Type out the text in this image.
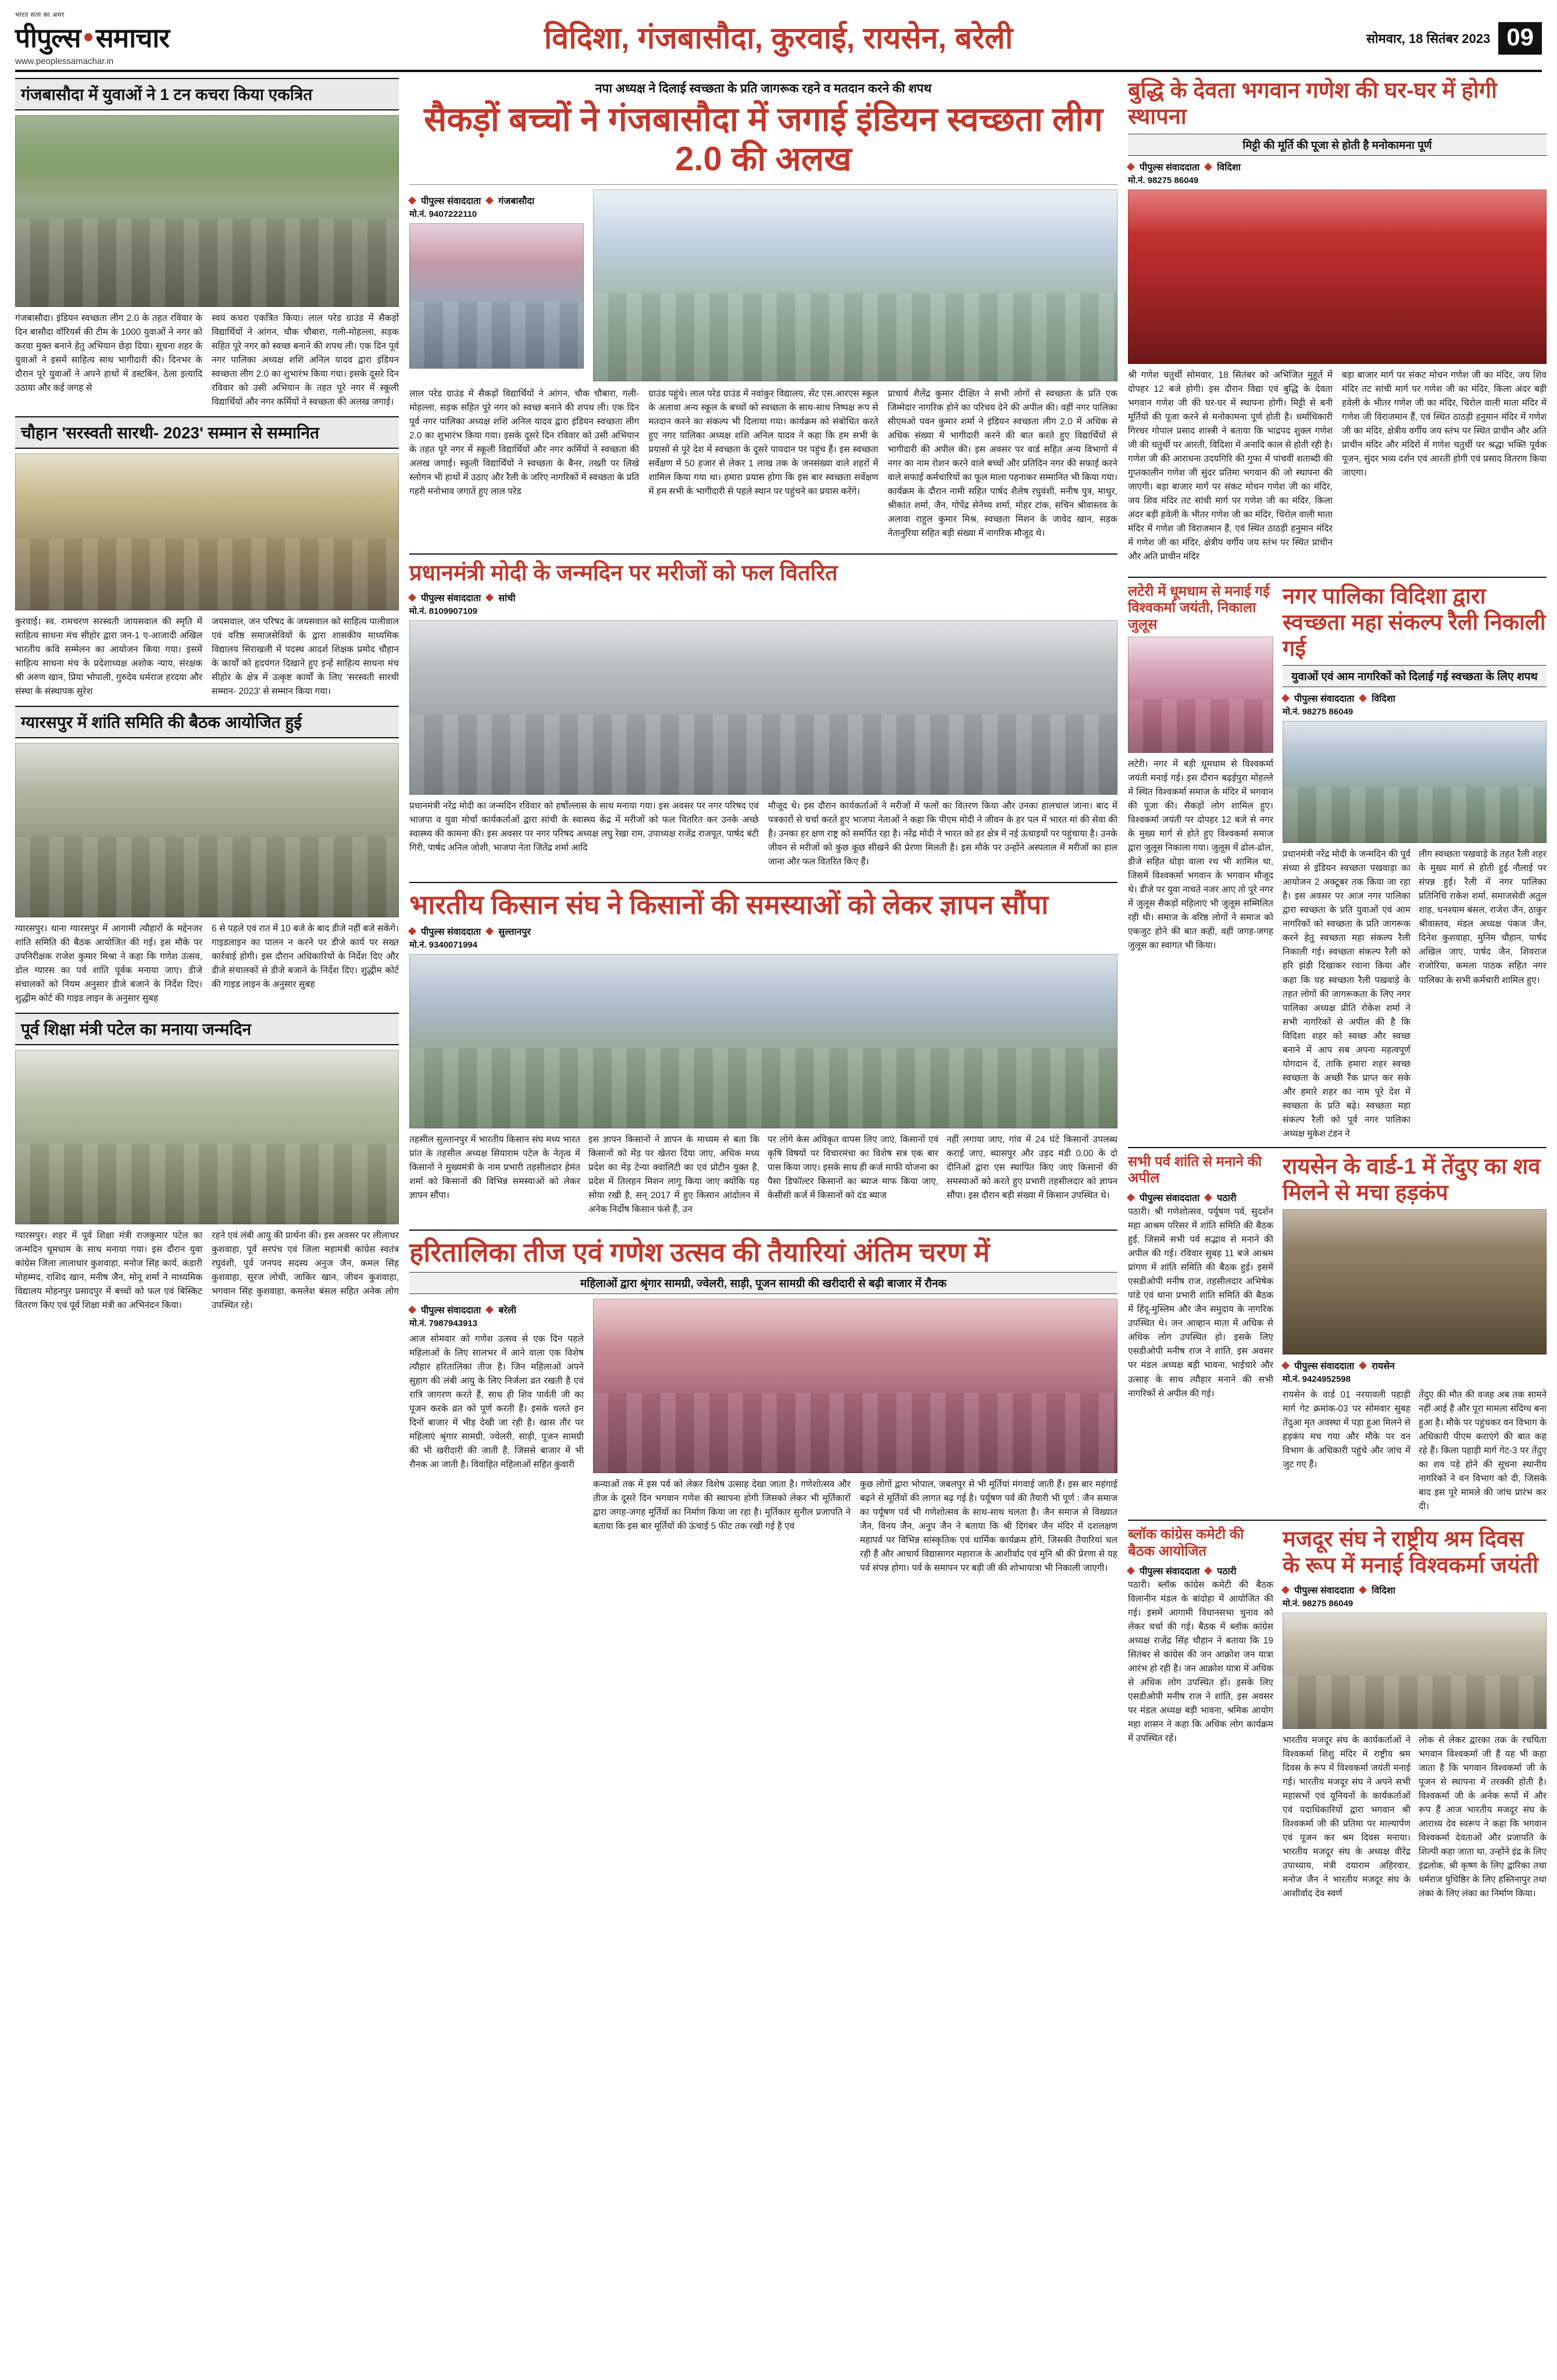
भारत सत्य का अमर
पीपुल्स समाचार
www.peoplessamachar.in
विदिशा, गंजबासौदा, कुरवाई, रायसेन, बरेली	सोमवार, 18 सितंबर 2023 09
गंजबासौदा में युवाओं ने 1 टन कचरा किया एकत्रित
गंजबासौदा। इंडियन स्वच्छता लीग 2.0 के तहत रविवार के दिन बासौदा वॉरियर्स की टीम के 1000 युवाओं ने नगर को करवा मुक्त बनाने हेतु अभियान छेड़ा दिया। सूचना शहर के युवाओं ने इसमें साहित्य साथ भागीदारी की। दिनभर के दौरान पूरे युवाओं ने अपने हाथों में डस्टबिन, ठेला इत्यादि उठाया और कई जगह से
स्वयं कचरा एकत्रित किया। लाल परेड ग्राउंड में सैकड़ों विद्यार्थियों ने आंगन, चौक चौबारा, गली-मोहल्ला, सड़क सहित पूरे नगर को स्वच्छ बनाने की शपथ ली। एक दिन पूर्व नगर पालिका अध्यक्ष शशि अनिल यादव द्वारा इंडियन स्वच्छता लीग 2.0 का शुभारंभ किया गया। इसके दूसरे दिन रविवार को उसी अभियान के तहत पूरे नगर में स्कूली विद्यार्थियों और नगर कर्मियों ने स्वच्छता की अलख जगाई।
चौहान 'सरस्वती सारथी- 2023' सम्मान से सम्मानित
कुरवाई। स्व. रामचरण सरस्वती जायसवाल की स्मृति में साहित्य साधना मंच सीहोर द्वारा जन-1 ए-आजादी अखिल भारतीय कवि सम्मेलन का आयोजन किया गया। इसमें साहित्य साधना मंच के प्रदेशाध्यक्ष अशोक न्याय, संरक्षक श्री अरुण खान, प्रिया भोपाली, गुरुदेव धर्मराज हरदया और संस्था के संस्थापक सुरेश
जयसवाल, जन परिषद के जयसवाल को साहित्य पालीवाल एवं वरिष्ठ समाजसेवियों के द्वारा शासकीय माध्यमिक विद्यालय सिराखली में पदस्थ आदर्श शिक्षक प्रमोद चौहान के कार्यों को हृदयंगत दिखाने हुए इन्हें साहित्य साधना मंच सीहोर के क्षेत्र में उत्कृष्ट कार्यों के लिए 'सरस्वती सारथी सम्मान- 2023' से सम्मान किया गया।
ग्यारसपुर में शांति समिति की बैठक आयोजित हुई
ग्यारसपुर। थाना ग्यारसपुर में आगामी त्यौहारों के मद्देनजर शांति समिति की बैठक आयोजित की गई। इस मौके पर उपनिरीक्षक राजेश कुमार मिश्रा ने कहा कि गणेश उत्सव, डोल ग्यारस का पर्व शांति पूर्वक मनाया जाए। डीजे संचालकों को नियम अनुसार डीजे बजाने के निर्देश दिए। शुद्धीम कोर्ट की गाइड लाइन के अनुसार सुबह
6 से पहले एवं रात में 10 बजे के बाद डीजे नहीं बजे सकेंगे। गाइडलाइन का पालन न करने पर डीजे कार्य पर सख्त कार्रवाई होगी। इस दौरान अधिकारियों के निर्देश दिए और डीजे संचालकों से डीजे बजाने के निर्देश दिए। शुद्धीम कोर्ट की गाइड लाइन के अनुसार सुबह
पूर्व शिक्षा मंत्री पटेल का मनाया जन्मदिन
ग्यारसपुर। शहर में पूर्व शिक्षा मंत्री राजकुमार पटेल का जन्मदिन धूमधाम के साथ मनाया गया। इस दौरान युवा कांग्रेस जिला लालाधार कुशवाहा, मनोज सिंह कार्य, कंडारी मोहम्मद, राशिद खान, मनीष जैन, मोनू शर्मा ने माध्यमिक विद्यालय मोहनपुर प्रसादपुर में बच्चों को फल एवं बिस्किट वितरण किए एवं पूर्व शिक्षा मंत्री का अभिनंदन किया।
रहने एवं लंबी आयु की प्रार्थना की। इस अवसर पर लीलाधर कुशवाहा, पूर्व सरपंच एवं जिला महामंत्री कांग्रेस स्वतंत्र रघुवंशी, पूर्व जनपद सदस्य अनुज जैन, कमल सिंह कुशवाहा, सूरज लोधी, जाकिर खान, जीवन कुशवाहा, भगवान सिंह कुशवाहा, कमलेश बंसल सहित अनेक लोग उपस्थित रहे।
नपा अध्यक्ष ने दिलाई स्वच्छता के प्रति जागरूक रहने व मतदान करने की शपथ
सैकड़ों बच्चों ने गंजबासौदा में जगाई इंडियन स्वच्छता लीग 2.0 की अलख
पीपुल्स संवाददाता गंजबासौदा
मो.नं. 9407222110
लाल परेड ग्राउंड में सैकड़ों विद्यार्थियों ने आंगन, चौक चौबारा, गली-मोहल्ला, सड़क सहित पूरे नगर को स्वच्छ बनाने की शपथ ली। एक दिन पूर्व नगर पालिका अध्यक्ष शशि अनिल यादव द्वारा इंडियन स्वच्छता लीग 2.0 का शुभारंभ किया गया। इसके दूसरे दिन रविवार को उसी अभियान के तहत पूरे नगर में स्कूली विद्यार्थियों और नगर कर्मियों ने स्वच्छता की अलख जगाई। स्कूली विद्यार्थियों ने स्वच्छता के बैनर, तख्ती पर लिखे स्लोगन भी हाथों में उठाए और रैली के जरिए नागरिकों में स्वच्छता के प्रति गहरी मनोभाव जगाते हुए लाल परेड
ग्राउंड पहुंचे। लाल परेड ग्राउंड में नवांकुर विद्यालय, सेंट एस.आरएस स्कूल के अलावा अन्य स्कूल के बच्चों को स्वच्छता के साथ-साथ निष्पक्ष रूप से मतदान करने का संकल्प भी दिलाया गया। कार्यक्रम को संबोधित करते हुए नगर पालिका अध्यक्ष शशि अनिल यादव ने कहा कि हम सभी के प्रयासों से पूरे देश में स्वच्छता के दूसरे पायदान पर पहुंच हैं। इस स्वच्छता सर्वेक्षण में 50 हजार से लेकर 1 लाख तक के जनसंख्या वाले शहरों में शामिल किया गया था। हमारा प्रयास होगा कि इस बार स्वच्छता सर्वेक्षण में हम सभी के भागीदारी से पहले स्थान पर पहुंचने का प्रयास करेंगे।
प्राचार्य शैलेंद्र कुमार दीक्षित ने सभी लोगों से स्वच्छता के प्रति एक जिम्मेदार नागरिक होने का परिचय देने की अपील की। वहीं नगर पालिका सीएमओ पवन कुमार शर्मा ने इंडियन स्वच्छता लीग 2.0 में अधिक से अधिक संख्या में भागीदारी करने की बात करते हुए विद्यार्थियों से भागीदारी की अपील की। इस अवसर पर वार्ड सहित अन्य विभागों में नगर का नाम रोशन करने वाले बच्चों और प्रतिदिन नगर की सफाई करने वाले सफाई कर्मचारियों का फूल माला पहनाकर सम्मानित भी किया गया। कार्यक्रम के दौरान नामी सहित पार्षद शैलेष रघुवंशी, मनीष पुत्र, माथुर, श्रीकांत शर्मा, जैन, गोपेंद्र सेनेथ्य शर्मा, मोहर टांक, सचिन श्रीवास्तव के अलावा राहुल कुमार मिश्र, स्वच्छता मिशन के जावेद खान, सड़क नेतानुरिया सहित बड़ी संख्या में नागरिक मौजूद थे।
प्रधानमंत्री मोदी के जन्मदिन पर मरीजों को फल वितरित
पीपुल्स संवाददाता सांची
मो.नं. 8109907109
प्रधानमंत्री नरेंद्र मोदी का जन्मदिन रविवार को हर्षोल्लास के साथ मनाया गया। इस अवसर पर नगर परिषद एवं भाजपा व युवा मोर्चा कार्यकर्ताओं द्वारा सांची के स्वास्थ्य केंद्र में मरीजों को फल वितरित कर उनके अच्छे स्वास्थ्य की कामना की। इस अवसर पर नगर परिषद अध्यक्ष लघु रेखा राम, उपाध्यक्ष राजेंद्र राजपूत, पार्षद बंटी गिरी, पार्षद अनिल जोशी, भाजपा नेता जितेंद्र शर्मा आदि
मौजूद थे। इस दौरान कार्यकर्ताओं ने मरीजों में फलों का वितरण किया और उनका हालचाल जाना। बाद में पत्रकारों से चर्चा करते हुए भाजपा नेताओं ने कहा कि पीएम मोदी ने जीवन के हर पल में भारत मां की सेवा की है। उनका हर क्षण राष्ट्र को समर्पित रहा है। नरेंद्र मोदी ने भारत को हर क्षेत्र में नई ऊंचाइयों पर पहुंचाया है। उनके जीवन से मरीजों को कुछ कूछ सीखने की प्रेरणा मिलती है। इस मौके पर उन्होंने अस्पताल में मरीजों का हाल जाना और फल वितरित किए हैं।
भारतीय किसान संघ ने किसानों की समस्याओं को लेकर ज्ञापन सौंपा
पीपुल्स संवाददाता सुल्तानपुर
मो.नं. 9340071994
तहसील सुल्तानपुर में भारतीय किसान संघ मध्य भारत प्रांत के तहसील अध्यक्ष सियाराम पटेल के नेतृत्व में किसानों ने मुख्यमंत्री के नाम प्रभारी तहसीलदार हेमंत शर्मा को किसानों की विभिन्न समस्याओं को लेकर ज्ञापन सौंपा।
इस ज्ञापन किसानों ने ज्ञापन के माध्यम से बता कि किसानों को मेंड़ पर खेतरा दिया जाए, अधिक मध्य प्रदेश का मेंड़ टेन्या क्वालिटी का एवं प्रोटीन युक्त है, प्रदेश में तिलहन मिशन लागू किया जाए क्योंकि यह सोया रखी है, सन् 2017 में हुए किसान आंदोलन में अनेक निर्दोष किसान फंसे हैं, उन
पर लोगे केस अविकृत वापस लिए जाएं, किसानों एवं कृषि विषयों पर विचारमंचा का विशेष सत्र एक बार पास किया जाए। इसके साथ ही कर्ज माफी योजना का पैसा डिफॉल्टर किसानों का ब्याज माफ किया जाए, केसीसी कर्ज में किसानों को दंड ब्याज
नहीं लगाया जाए, गांव में 24 घंटे किसानों उपलब्ध कराई जाए, ब्यासपुर और उड़द मंडी 0.00 के दो दीनिओं द्वारा एस स्थापित किए जाएं किसानों की समस्याओं को करते हुए प्रभारी तहसीलदार को ज्ञापन सौंपा। इस दौरान बड़ी संख्या में किसान उपस्थित थे।
हरितालिका तीज एवं गणेश उत्सव की तैयारियां अंतिम चरण में
महिलाओं द्वारा श्रृंगार सामग्री, ज्वेलरी, साड़ी, पूजन सामग्री की खरीदारी से बढ़ी बाजार में रौनक
पीपुल्स संवाददाता बरेली
मो.नं. 7987943913
आज सोमवार को गणेश उत्सव से एक दिन पहले महिलाओं के लिए सालभर में आने वाला एक विशेष त्यौहार हरितालिका तीज है। जिन महिलाओं अपने सुहाग की लंबी आयु के लिए निर्जला व्रत रखती है एवं रात्रि जागरण करते हैं, साथ ही शिव पार्वती जी का पूजन करके व्रत को पूर्ण करती हैं। इसके चलते इन दिनों बाजार में भीड़ देखी जा रही है। खास तौर पर महिलाएं श्रृंगार सामग्री, ज्वेलरी, साड़ी, पूजन सामग्री की भी खरीदारी की जाती है, जिससे बाजार में भी रौनक आ जाती है। विवाहित महिलाओं सहित कुंवारी
कन्याओं तक में इस पर्व को लेकर विशेष उत्साह देखा जाता है। गणेशोत्सव और तीज के दूसरे दिन भगवान गणेश की स्थापना होगी जिसको लेकर भी मूर्तिकारों द्वारा जगह-जगह मूर्तियों का निर्माण किया जा रहा है। मूर्तिकार सुनील प्रजापति ने बताया कि इस बार मूर्तियों की ऊंचाई 5 फीट तक रखी गई है एवं
कुछ लोगों द्वारा भोपाल, जबलपुर से भी मूर्तियां मंगवाई जाती हैं। इस बार महंगाई बढ़ने से मूर्तियों की लागत बढ़ गई है। पर्यूषण पर्व की तैयारी भी पूर्ण : जैन समाज का पर्यूषण पर्व भी गणेशोत्सव के साथ-साथ चलता है। जैन समाज से विख्यात जैन, विनय जैन, अनूप जैन ने बताया कि श्री दिगंबर जैन मंदिर में दशलक्षण महापर्व पर विभिन्न सांस्कृतिक एवं धार्मिक कार्यक्रम होंगे, जिसकी तैयारियां चल रही हैं और आचार्य विद्यासागर महाराज के आशीर्वाद एवं मुनि श्री की प्रेरणा से यह पर्व संपन्न होगा। पर्व के समापन पर बड़ी जी की शोभायात्रा भी निकाली जाएगी।
बुद्धि के देवता भगवान गणेश की घर-घर में होगी स्थापना
मिट्टी की मूर्ति की पूजा से होती है मनोकामना पूर्ण
पीपुल्स संवाददाता विदिशा
मो.नं. 98275 86049
श्री गणेश चतुर्थी सोमवार, 18 सितंबर को अभिजित मुहूर्त में दोपहर 12 बजे होगी। इस दौरान विद्या एवं बुद्धि के देवता भगवान गणेश जी की घर-घर में स्थापना होगी। मिट्टी से बनी मूर्तियों की पूजा करने से मनोकामना पूर्ण होती है। धर्माधिकारी गिरधर गोपाल प्रसाद शास्त्री ने बताया कि भाद्रपद शुक्ल गणेश जी की चतुर्थी पर आरती, विदिशा में अनादि काल से होती रही है। गणेश जी की आराधना उदयगिरि की गुफा में पांचवीं शताब्दी की गुप्तकालीन गणेश जी सुंदर प्रतिमा भगवान की जो स्थापना की जाएगी। बड़ा बाजार मार्ग पर संकट मोचन गणेश जी का मंदिर, जय शिव मंदिर तट सांची मार्ग पर गणेश जी का मंदिर, किला अंदर बड़ी हवेली के भीतर गणेश जी का मंदिर, चिरोल वाली माता मंदिर में गणेश जी विराजमान हैं, एवं स्थित ठाठड़ी हनुमान मंदिर में गणेश जी का मंदिर, क्षेत्रीय वर्गीय जय स्तंभ पर स्थित प्राचीन और अति प्राचीन मंदिर
बड़ा बाजार मार्ग पर संकट मोचन गणेश जी का मंदिर, जय शिव मंदिर तट सांची मार्ग पर गणेश जी का मंदिर, किला अंदर बड़ी हवेली के भीतर गणेश जी का मंदिर, चिरोल वाली माता मंदिर में गणेश जी विराजमान हैं, एवं स्थित ठाठड़ी हनुमान मंदिर में गणेश जी का मंदिर, क्षेत्रीय वर्गीय जय स्तंभ पर स्थित प्राचीन और अति प्राचीन मंदिर और मंदिरों में गणेश चतुर्थी पर श्रद्धा भक्ति पूर्वक पूजन, सुंदर भव्य दर्शन एवं आरती होगी एवं प्रसाद वितरण किया जाएगा।
लटेरी में धूमधाम से मनाई गई विश्वकर्मा जयंती, निकाला जुलूस
लटेरी। नगर में बड़ी धूमधाम से विश्वकर्मा जयंती मनाई गई। इस दौरान बढ़ईपुरा मोहल्ले में स्थित विश्वकर्मा समाज के मंदिर में भगवान की पूजा की। सैकड़ों लोग शामिल हुए। विश्वकर्मा जयंती पर दोपहर 12 बजे से नगर के मुख्य मार्ग से होते हुए विश्वकर्मा समाज द्वारा जुलूस निकाला गया। जुलूस में ढोल-ढोल, डीजे सहित धोड़ा वाला रथ भी शामिल था, जिसमें विश्वकर्मा भगवान के भगवान मौजूद थे। डीजे पर युवा नाचते नजर आए तो पूरे नगर में जुलूस सैकड़ों महिलाएं भी जुलूस सम्मिलित रही थी। समाज के वरिष्ठ लोगों ने समाज को एकजुट होने की बात कही, वहीं जगह-जगह जुलूस का स्वागत भी किया।
नगर पालिका विदिशा द्वारा स्वच्छता महा संकल्प रैली निकाली गई
युवाओं एवं आम नागरिकों को दिलाई गई स्वच्छता के लिए शपथ
पीपुल्स संवाददाता विदिशा
मो.नं. 98275 86049
प्रधानमंत्री नरेंद्र मोदी के जन्मदिन की पूर्व संध्या से इंडियन स्वच्छता पखवाड़ा का आयोजन 2 अक्टूबर तक किया जा रहा है। इस अवसर पर आज नगर पालिका द्वारा स्वच्छता के प्रति युवाओं एवं आम नागरिकों को स्वच्छता के प्रति जागरूक करने हेतु स्वच्छता महा संकल्प रैली निकाली गई। स्वच्छता संकल्प रैली को हरि झंडी दिखाकर रवाना किया और कहा कि यह स्वच्छता रैली पखवाड़े के तहत लोगों की जागरूकता के लिए नगर पालिका अध्यक्ष प्रीति रोकेश शर्मा ने सभी नागरिकों से अपील की है कि विदिशा शहर को स्वच्छ और स्वच्छ बनाने में आप सब अपना महत्वपूर्ण योगदान दें, ताकि हमारा शहर स्वच्छ स्वच्छता के अच्छी रैंक प्राप्त कर सके और हमारे शहर का नाम पूरे देश में स्वच्छता के प्रति बढ़े। स्वच्छता महा संकल्प रैली को पूर्व नगर पालिका अध्यक्ष मुकेश टंडन ने
लीग स्वच्छता पखवाड़े के तहत रैली शहर के मुख्य मार्ग से होती हुई नौलाई पर संपन्न हुई। रैली में नगर पालिका प्रतिनिधि राकेश शर्मा, समाजसेवी अतुल शाह, धनश्याम बंसल, राजेश जैन, ठाकुर श्रीवास्तव, मंडल अध्यक्ष पंकज जैन, दिनेश कुशवाहा, मुनिम चौहान, पार्षद अखिल जाए, पार्षद जैन, शिवराज राजोरिया, कमला पाठक सहित नगर पालिका के सभी कर्मचारी शामिल हुए।
सभी पर्व शांति से मनाने की अपील
पीपुल्स संवाददाता पठारी
पठारी। श्री गणेशोत्सव, पर्यूषण पर्व, सुदर्शन महा आश्रम परिसर में शांति समिति की बैठक हुई, जिसमें सभी पर्व सद्भाव से मनाने की अपील की गई। रविवार सुबह 11 बजे आश्रम प्रांगण में शांति समिति की बैठक हुई। इसमें एसडीओपी मनीष राज, तहसीलदार अभिषेक पांडे एवं थाना प्रभारी शांति समिति की बैठक में हिंदू-मुस्लिम और जैन समुदाय के नागरिक उपस्थित थे। जन आव्हान माता में अधिक से अधिक लोग उपस्थित हो। इसके लिए एसडीओपी मनीष राज ने शांति, इस अवसर पर मंडल अध्यक्ष बड़ी भावना, भाईचारे और उत्साह के साथ त्यौहार मनाने की सभी नागरिकों से अपील की गई।
रायसेन के वार्ड-1 में तेंदुए का शव मिलने से मचा हड़कंप
पीपुल्स संवाददाता रायसेन
मो.नं. 9424952598
रायसेन के वार्ड 01 नरयावली पहाड़ी मार्ग गेट क्रमांक-03 पर सोमवार सुबह तेंदुआ मृत अवस्था में पड़ा हुआ मिलने से हड़कंप मच गया और मौके पर वन विभाग के अधिकारी पहुंचे और जांच में जुट गए हैं।
तेंदुए की मौत की वजह अब तक सामने नहीं आई है और पूरा मामला संदिग्ध बना हुआ है। मौके पर पहुंचकर वन विभाग के अधिकारी पीएम कराएंगे की बात कह रहे हैं। किला पहाड़ी मार्ग गेट-3 पर तेंदुए का शव पड़े होने की सूचना स्थानीय नागरिकों ने वन विभाग को दी, जिसके बाद इस पूरे मामले की जांच प्रारंभ कर दी।
ब्लॉक कांग्रेस कमेटी की बैठक आयोजित
पीपुल्स संवाददाता पठारी
पठारी। ब्लॉक कांग्रेस कमेटी की बैठक विलानीन मंडल के बांदोहा में आयोजित की गई। इसमें आगामी विधानसभा चुनाव को लेकर चर्चा की गई। बैठक में ब्लॉक कांग्रेस अध्यक्ष राजेंद्र सिंह चौहान ने बताया कि 19 सितंबर से कांग्रेस की जन आक्रोश जन यात्रा आरंभ हो रही है। जन आक्रोश यात्रा में अधिक से अधिक लोग उपस्थित हों। इसके लिए एसडीओपी मनीष राज ने शांति, इस अवसर पर मंडल अध्यक्ष बड़ी भावना, श्रमिक आयोग महा शासन ने कहा कि अधिक लोग कार्यक्रम में उपस्थित रहें।
मजदूर संघ ने राष्ट्रीय श्रम दिवस के रूप में मनाई विश्वकर्मा जयंती
पीपुल्स संवाददाता विदिशा
मो.नं. 98275 86049
भारतीय मजदूर संघ के कार्यकर्ताओं ने विश्वकर्मा शिशु मंदिर में राष्ट्रीय श्रम दिवस के रूप में विश्वकर्मा जयंती मनाई गई। भारतीय मजदूर संघ ने अपने सभी महासभों एवं यूनियनों के कार्यकर्ताओं एवं पदाधिकारियों द्वारा भगवान श्री विश्वकर्मा जी की प्रतिमा पर माल्यार्पण एवं पूजन कर श्रम दिवस मनाया। भारतीय मजदूर संघ के अध्यक्ष वीरेंद्र उपाध्याय, मंत्री दयाराम अहिरवार, मनोज जैन ने भारतीय मजदूर संघ के आशीर्वाद देव स्वर्ण
लोक से लेकर द्वारका तक के रचयिता भगवान विश्वकर्मा जी हैं यह भी कहा जाता है कि भगवान विश्वकर्मा जी के पूजन से स्थापना में तरक्की होती है। विश्वकर्मा जी के अनेक रूपों में और रूप हैं आज भारतीय मजदूर संघ के आराध्य देव स्वरूप ने कहा कि भगवान विश्वकर्मा देवताओं और प्रजापति के शिल्पी कहा जाता था, उन्होंने इंद्र के लिए इंद्रलोक, श्री कृष्ण के लिए द्वारिका तथा धर्मराज युधिष्ठिर के लिए हस्तिनापुर तथा लंका के लिए लंका का निर्माण किया।
